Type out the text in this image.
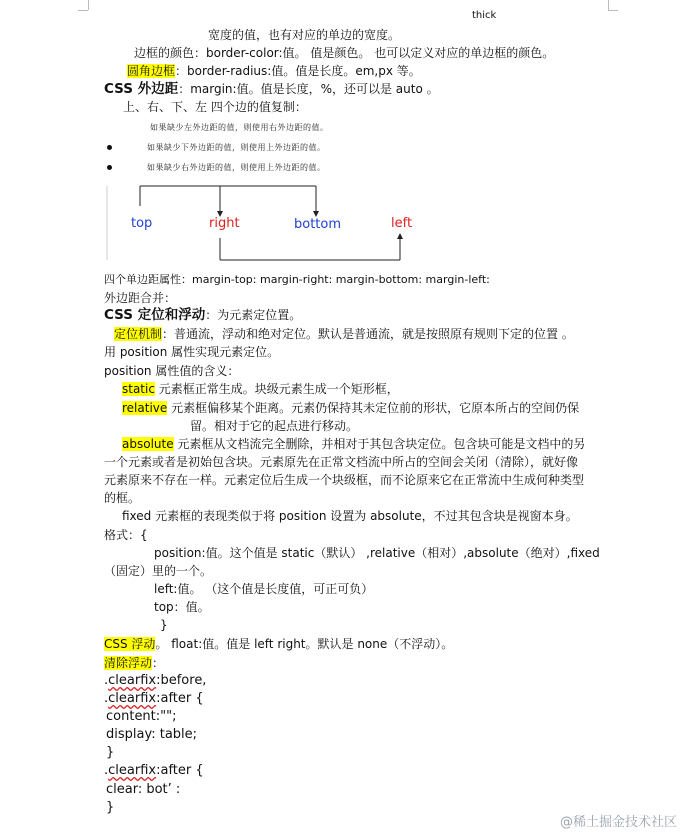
thick
宽度的值，也有对应的单边的宽度。
边框的颜色：border-color:值。 值是颜色。 也可以定义对应的单边框的颜色。
圆角边框：border-radius:值。值是长度。em,px 等。
CSS 外边距：margin:值。值是长度，%，还可以是 auto 。
上、右、下、左 四个边的值复制：
如果缺少左外边距的值，则使用右外边距的值。
如果缺少下外边距的值，则使用上外边距的值。
如果缺少右外边距的值，则使用上外边距的值。
top	right	bottom	left
四个单边距属性：margin-top: margin-right: margin-bottom: margin-left:
外边距合并：
CSS 定位和浮动：为元素定位置。
定位机制：普通流，浮动和绝对定位。默认是普通流，就是按照原有规则下定的位置 。
用 position 属性实现元素定位。
position 属性值的含义：
static 元素框正常生成。块级元素生成一个矩形框，
relative 元素框偏移某个距离。元素仍保持其未定位前的形状，它原本所占的空间仍保
留。相对于它的起点进行移动。
absolute 元素框从文档流完全删除，并相对于其包含块定位。包含块可能是文档中的另
一个元素或者是初始包含块。元素原先在正常文档流中所占的空间会关闭（清除），就好像
元素原来不存在一样。元素定位后生成一个块级框，而不论原来它在正常流中生成何种类型
的框。
fixed 元素框的表现类似于将 position 设置为 absolute，不过其包含块是视窗本身。
格式：{
position:值。这个值是 static（默认） ,relative（相对）,absolute（绝对）,fixed
（固定）里的一个。
left:值。 （这个值是长度值，可正可负）
top：值。
}
CSS 浮动。 float:值。值是 left right。默认是 none（不浮动）。
清除浮动：
.clearfix:before,
.clearfix:after {
content:"";
display: table;
}
.clearfix:after {
clear: bot’ :
}
@稀土掘金技术社区
